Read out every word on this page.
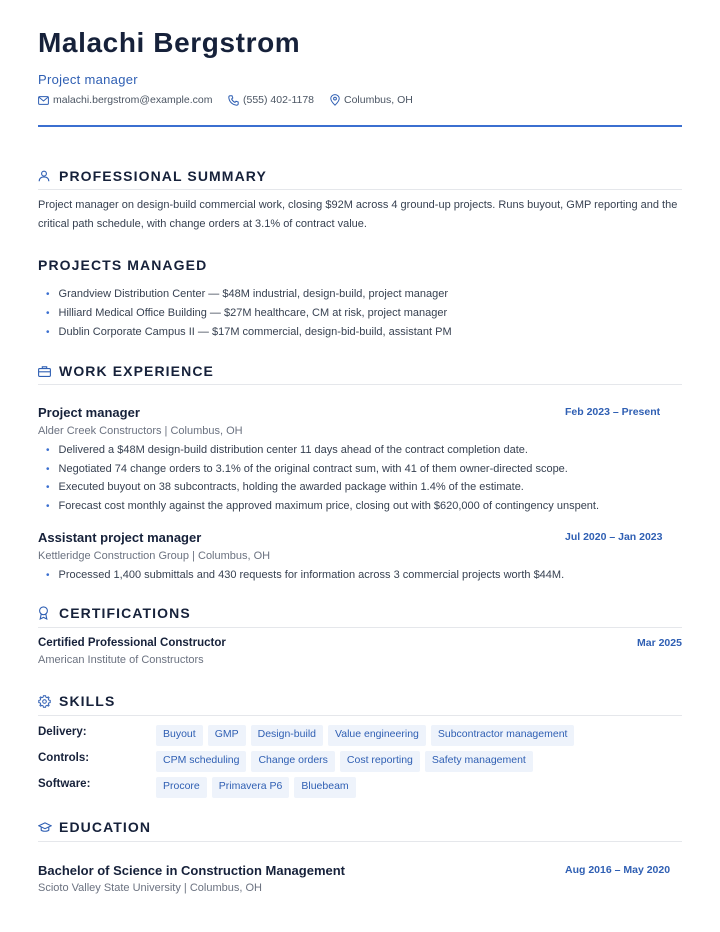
Malachi Bergstrom
Project manager
malachi.bergstrom@example.com	(555) 402-1178	Columbus, OH
PROFESSIONAL SUMMARY
Project manager on design-build commercial work, closing $92M across 4 ground-up projects. Runs buyout, GMP reporting and the critical path schedule, with change orders at 3.1% of contract value.
PROJECTS MANAGED
• Grandview Distribution Center — $48M industrial, design-build, project manager
• Hilliard Medical Office Building — $27M healthcare, CM at risk, project manager
• Dublin Corporate Campus II — $17M commercial, design-bid-build, assistant PM
WORK EXPERIENCE
Project manager	Feb 2023 – Present
Alder Creek Constructors | Columbus, OH
• Delivered a $48M design-build distribution center 11 days ahead of the contract completion date.
• Negotiated 74 change orders to 3.1% of the original contract sum, with 41 of them owner-directed scope.
• Executed buyout on 38 subcontracts, holding the awarded package within 1.4% of the estimate.
• Forecast cost monthly against the approved maximum price, closing out with $620,000 of contingency unspent.
Assistant project manager	Jul 2020 – Jan 2023
Kettleridge Construction Group | Columbus, OH
• Processed 1,400 submittals and 430 requests for information across 3 commercial projects worth $44M.
CERTIFICATIONS
Certified Professional Constructor	Mar 2025
American Institute of Constructors
SKILLS
Delivery:	Buyout	GMP	Design-build	Value engineering	Subcontractor management
Controls:	CPM scheduling	Change orders	Cost reporting	Safety management
Software:	Procore	Primavera P6	Bluebeam
EDUCATION
Bachelor of Science in Construction Management	Aug 2016 – May 2020
Scioto Valley State University | Columbus, OH
